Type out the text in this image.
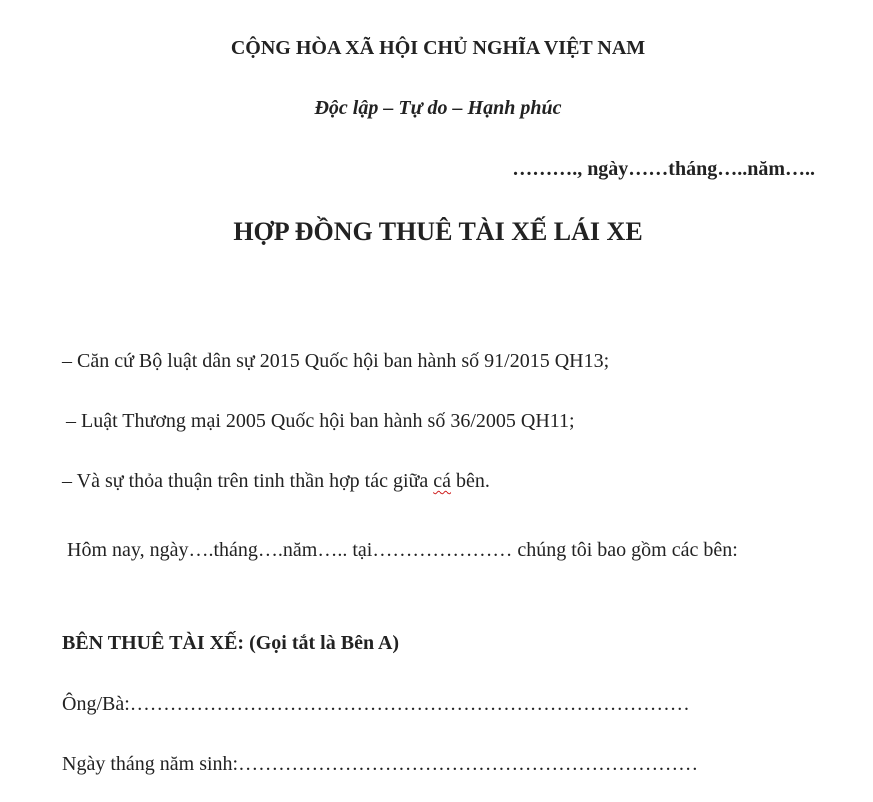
CỘNG HÒA XÃ HỘI CHỦ NGHĨA VIỆT NAM
Độc lập – Tự do – Hạnh phúc
………., ngày……tháng…..năm…..
HỢP ĐỒNG THUÊ TÀI XẾ LÁI XE
– Căn cứ Bộ luật dân sự 2015 Quốc hội ban hành số 91/2015 QH13;
– Luật Thương mại 2005 Quốc hội ban hành số 36/2005 QH11;
– Và sự thỏa thuận trên tinh thần hợp tác giữa cá bên.
Hôm nay, ngày….tháng….năm….. tại………………… chúng tôi bao gồm các bên:
BÊN THUÊ TÀI XẾ: (Gọi tắt là Bên A)
Ông/Bà:…………………………………………………………………………
Ngày tháng năm sinh:……………………………………………………………
